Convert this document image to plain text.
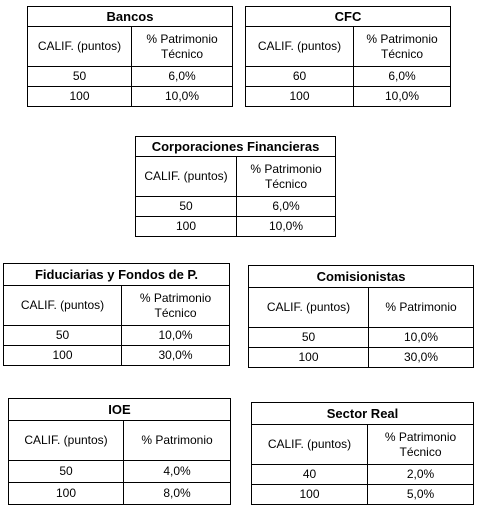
Bancos	
CALIF. (puntos)	% Patrimonio
Técnico
50	6,0%
100	10,0%
CFC	
CALIF. (puntos)	% Patrimonio
Técnico
60	6,0%
100	10,0%
Corporaciones Financieras	
CALIF. (puntos)	% Patrimonio
Técnico
50	6,0%
100	10,0%
Fiduciarias y Fondos de P.	
CALIF. (puntos)	% Patrimonio
Técnico
50	10,0%
100	30,0%
Comisionistas	
CALIF. (puntos)	% Patrimonio
50	10,0%
100	30,0%
IOE	
CALIF. (puntos)	% Patrimonio
50	4,0%
100	8,0%
Sector Real	
CALIF. (puntos)	% Patrimonio
Técnico
40	2,0%
100	5,0%
